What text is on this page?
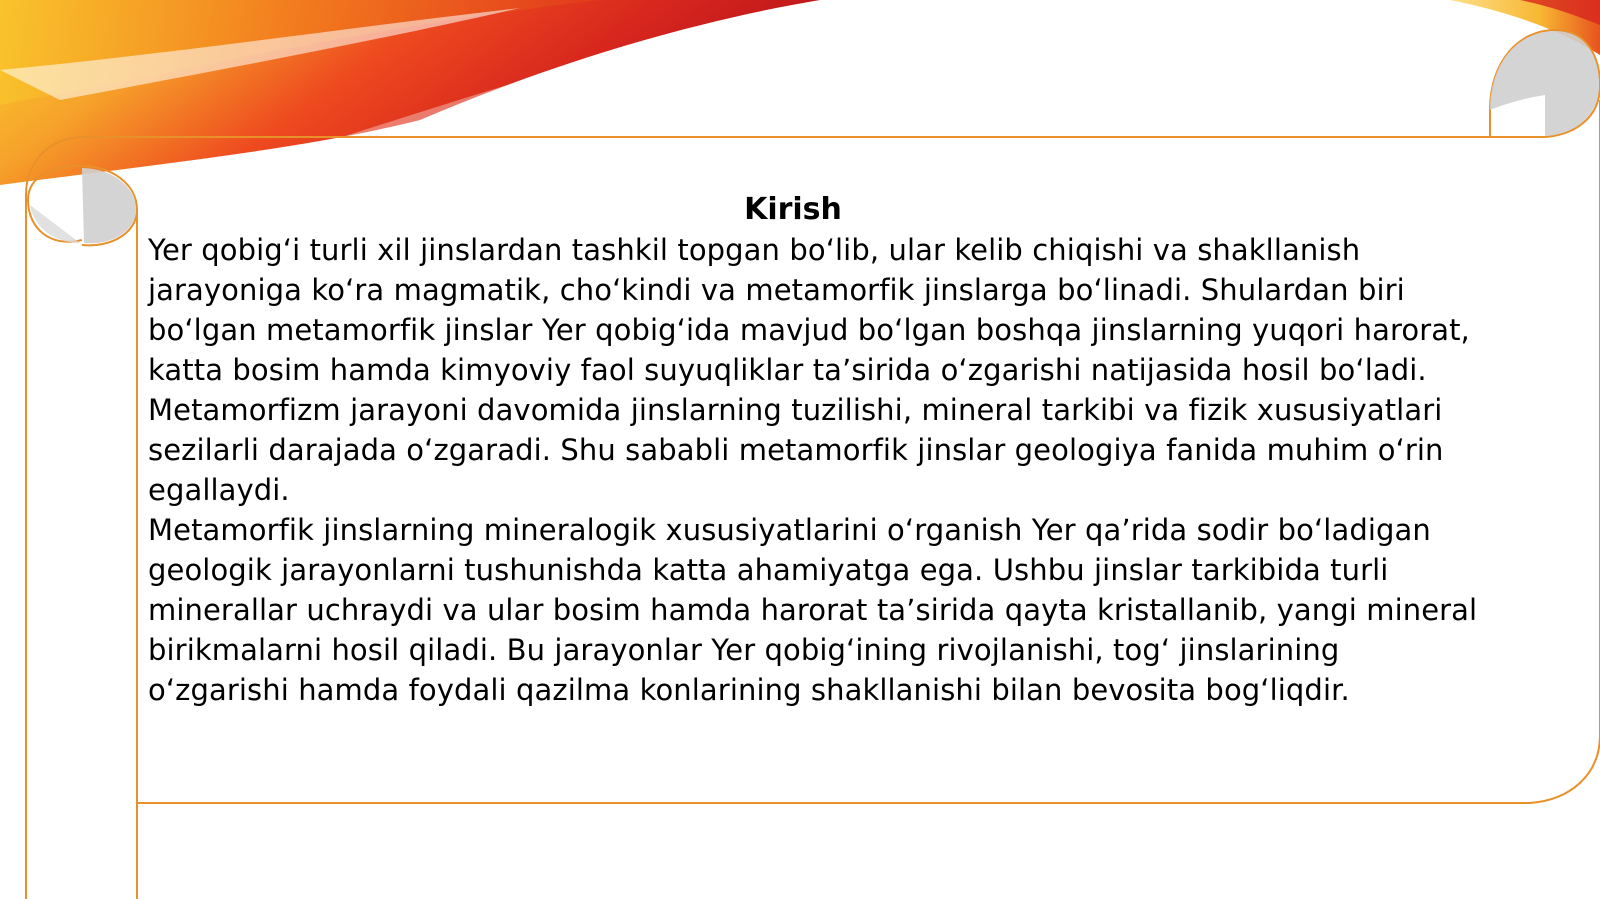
Kirish

Yer qobig‘i turli xil jinslardan tashkil topgan bo‘lib, ular kelib chiqishi va shakllanish jarayoniga ko‘ra magmatik, cho‘kindi va metamorfik jinslarga bo‘linadi. Shulardan biri bo‘lgan metamorfik jinslar Yer qobig‘ida mavjud bo‘lgan boshqa jinslarning yuqori harorat, katta bosim hamda kimyoviy faol suyuqliklar ta’sirida o‘zgarishi natijasida hosil bo‘ladi. Metamorfizm jarayoni davomida jinslarning tuzilishi, mineral tarkibi va fizik xususiyatlari sezilarli darajada o‘zgaradi. Shu sababli metamorfik jinslar geologiya fanida muhim o‘rin egallaydi.

Metamorfik jinslarning mineralogik xususiyatlarini o‘rganish Yer qa’rida sodir bo‘ladigan geologik jarayonlarni tushunishda katta ahamiyatga ega. Ushbu jinslar tarkibida turli minerallar uchraydi va ular bosim hamda harorat ta’sirida qayta kristallanib, yangi mineral birikmalarni hosil qiladi. Bu jarayonlar Yer qobig‘ining rivojlanishi, tog‘ jinslarining o‘zgarishi hamda foydali qazilma konlarining shakllanishi bilan bevosita bog‘liqdir.
